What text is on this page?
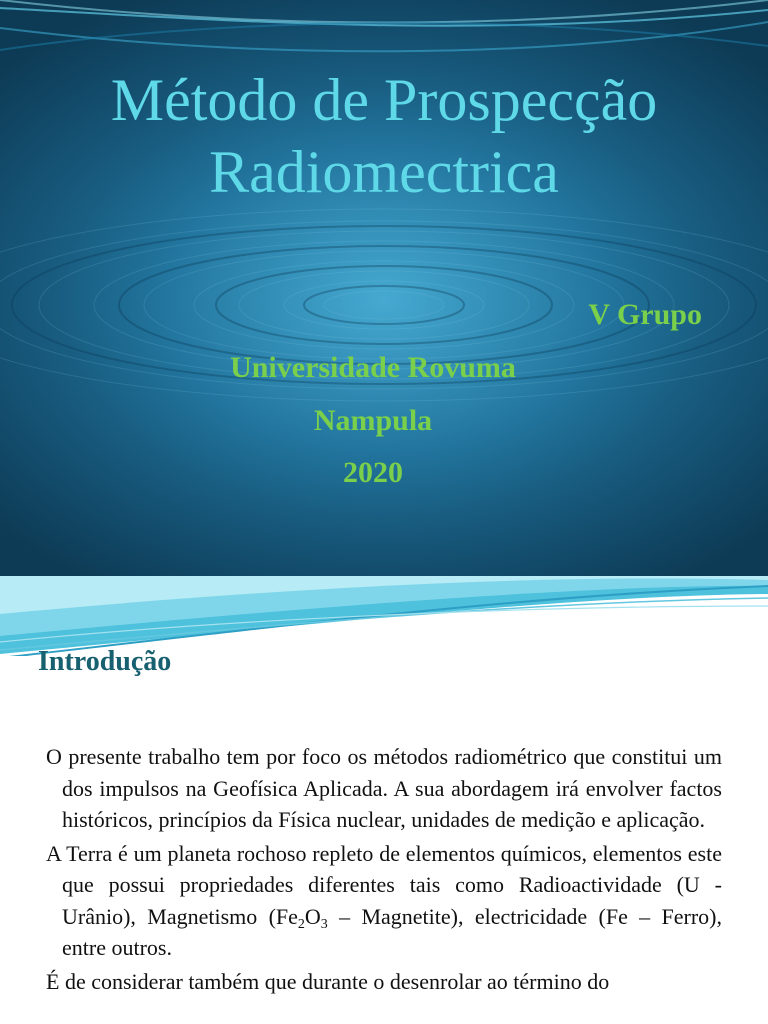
Método de Prospecção
Radiomectrica
V Grupo
Universidade Rovuma
Nampula
2020
Introdução

O presente trabalho tem por foco os métodos radiométrico que constitui um dos impulsos na Geofísica Aplicada. A sua abordagem irá envolver factos históricos, princípios da Física nuclear, unidades de medição e aplicação.

A Terra é um planeta rochoso repleto de elementos químicos, elementos este que possui propriedades diferentes tais como Radioactividade (U - Urânio), Magnetismo ($Fe_2O_3$ – Magnetite), electricidade (Fe – Ferro), entre outros.

É de considerar também que durante o desenrolar ao término do
